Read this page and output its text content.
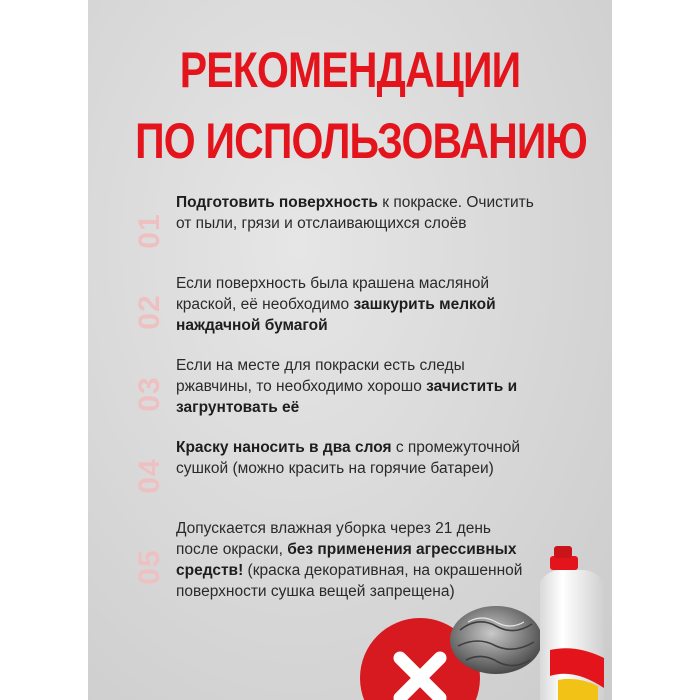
РЕКОМЕНДАЦИИ
ПО ИСПОЛЬЗОВАНИЮ
01
Подготовить поверхность к покраске. Очистить от пыли, грязи и отслаивающихся слоёв
02
Если поверхность была крашена масляной краской, её необходимо зашкурить мелкой наждачной бумагой
03
Если на месте для покраски есть следы ржавчины, то необходимо хорошо зачистить и загрунтовать её
04
Краску наносить в два слоя с промежуточной сушкой (можно красить на горячие батареи)
05
Допускается влажная уборка через 21 день после окраски, без применения агрессивных средств! (краска декоративная, на окрашенной поверхности сушка вещей запрещена)
